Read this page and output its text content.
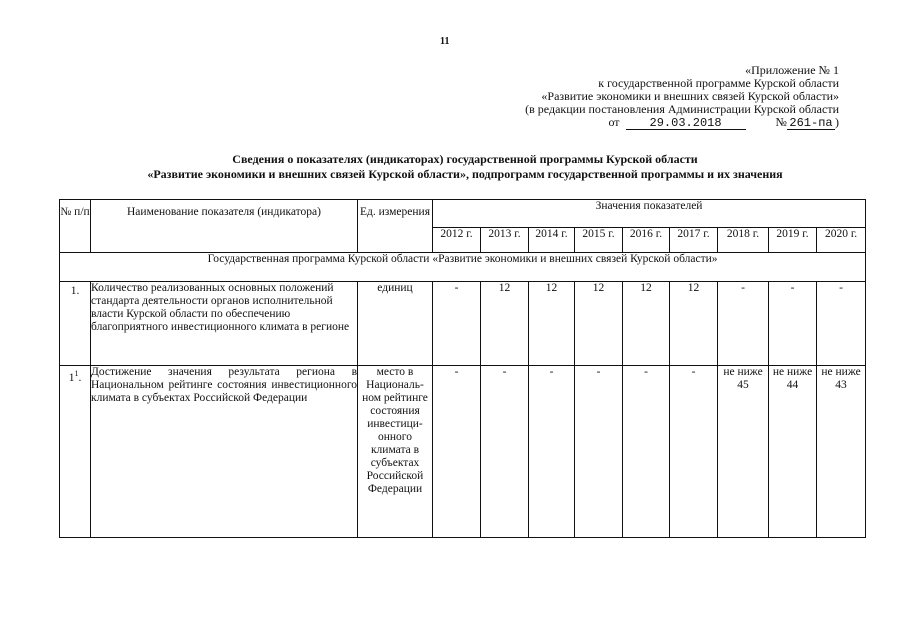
11
«Приложение № 1
к государственной программе Курской области
«Развитие экономики и внешних связей Курской области»
(в редакции постановления Администрации Курской области
от 29.03.2018	№ 261-па )
Сведения о показателях (индикаторах) государственной программы Курской области
«Развитие экономики и внешних связей Курской области», подпрограмм государственной программы и их значения
№ п/п	Наименование показателя (индикатора)	Ед. измерения	Значения показателей								
			2012 г.	2013 г.	2014 г.	2015 г.	2016 г.	2017 г.	2018 г.	2019 г.	2020 г.
Государственная программа Курской области «Развитие экономики и внешних связей Курской области»											
1.	Количество реализованных основных положений стандарта деятельности органов исполнительной власти Курской области по обеспечению благоприятного инвестиционного климата в регионе	единиц	-	12	12	12	12	12	-	-	-
$1^1$.	Достижение значения результата региона в Национальном рейтинге состояния инвестиционного климата в субъектах Российской Федерации	место в Националь-ном рейтинге состояния инвестици-онного климата в субъектах Российской Федерации	-	-	-	-	-	-	не ниже 45	не ниже 44	не ниже 43
